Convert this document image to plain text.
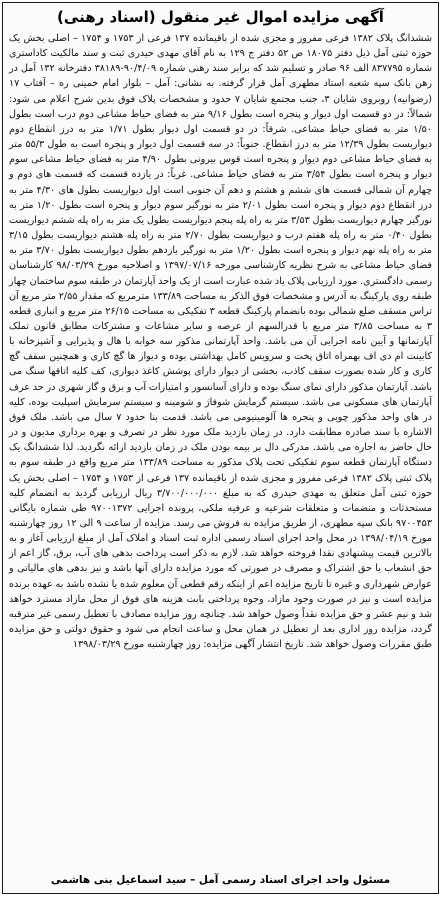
آگهی مزایده اموال غیر منقول (اسناد رهنی)

ششدانگ پلاک ۱۳۸۲ فرعی مفروز و مجزی شده از باقیمانده ۱۳۷ فرعی از ۱۷۵۳ و ۱۷۵۴ – اصلی بخش یک حوزه ثبتی آمل ذیل دفتر ۱۸۰۷۵ ص ۵۲ دفتر ج ۱۲۹ به نام آقای مهدی حیدری ثبت و سند مالکیت کاداستری شماره ۸۳۷۷۹۵ الف ۹۶ صادر و تسلیم شد که برابر سند رهنی شماره ۹۰/۴/۰۹-۳۸۱۸۹ دفترخانه ۱۳۲ آمل در رهن بانک سپه شعبه استاد مطهری آمل قرار گرفته. به نشانی: آمل – بلوار امام خمینی ره – آفتاب ۱۷ (رضوانیه) روبروی شایان ۳، جنب مجتمع شایان ۷ حدود و مشخصات پلاک فوق بدین شرح اعلام می شود: شمالاً: در دو قسمت اول دیوار و پنجره است بطول ۹/۱۶ متر به فضای حیاط مشاعی دوم درب است بطول ۱/۵۰ متر به فضای حیاط مشاعی. شرقاً: در دو قسمت اول دیوار بطول ۱/۷۱ متر به درز انقطاع دوم دیواریست بطول ۱۲/۳۹ متر به درز انقطاع. جنوباً: در سه قسمت اول دیوار و پنجره است به طول ۵۵/۳ متر به فضای حیاط مشاعی دوم دیوار و پنجره است قوس بیرونی بطول ۴/۹۰ متر به فضای حیاط مشاعی سوم دیوار و پنجره است بطول ۳/۵۴ متر به فضای حیاط مشاعی. غرباً: در یازده قسمت که قسمت های دوم و چهارم آن شمالی قسمت های ششم و هشتم و دهم آن جنوبی است اول دیواریست بطول های ۴/۳۰ متر به درز انقطاع دوم دیوار و پنجره است بطول ۲/۰۱ متر به نورگیر سوم دیوار و پنجره است بطول ۱/۲۰ متر به نورگیر چهارم دیواریست بطول ۳/۵۳ متر به راه پله پنجم دیواریست بطول یک متر به راه پله ششم دیواریست بطول ۰/۴۰ متر به راه پله هفتم درب و دیواریست بطول ۲/۷۰ متر به راه پله هشتم دیواریست بطول ۳/۱۵ متر به راه پله نهم دیوار و پنجره است بطول ۱/۲۰ متر به نورگیر یازدهم بطول دیواریست بطول ۳/۷۰ متر به فضای حیاط مشاعی به شرح نظریه کارشناسی مورخه ۱۳۹۷/۰۷/۱۶ و اصلاحیه مورخ ۹۸/۰۳/۲۹ کارشناسان رسمی دادگستری. مورد ارزیابی پلاک یاد شده عبارت است از یک واحد آپارتمان در طبقه سوم ساختمان چهار طبقه روی پارکینگ به آدرس و مشخصات فوق الذکر به مساحت ۱۳۳/۸۹ مترمربع که مقدار ۲/۵۵ متر مربع آن تراس مسقف ضلع شمالی بوده بانضمام پارکینگ قطعه ۳ تفکیکی به مساحت ۲۶/۱۵ متر مربع و انباری قطعه ۳ به مساحت ۳/۸۵ متر مربع با قدرالسهم از عرصه و سایر مشاعات و مشترکات مطابق قانون تملک آپارتمانها و آیین نامه اجرایی آن می باشد. واحد آپارتمانی مذکور سه خوابه با هال و پذیرایی و آشپزخانه با کابینت ام دی اف بهمراه اتاق پخت و سرویس کامل بهداشتی بوده و دیوار ها گچ کاری و همچنین سقف گچ کاری و کار شده بصورت سقف کاذب، بخشی از دیوار دارای پوشش کاغذ دیواری، کف کلیه اتاقها سنگ می باشد. آپارتمان مذکور دارای نمای سنگ بوده و دارای آسانسور و امتیازات آب و برق و گاز شهری در حد عرف آپارتمان های مسکونی می باشد. سیستم گرمایش شوفاژ و شومینه و سیستم سرمایش اسپلیت بوده، کلیه در های واحد مذکور چوبی و پنجره ها آلومینیومی می باشد. قدمت بنا حدود ۷ سال می باشد. ملک فوق الاشاره با سند صادره مطابقت دارد. در زمان بازدید ملک مورد نظر در تصرف و بهره برداری مدیون و در حال حاضر به اجاره می باشد. مدرکی دال بر بیمه بودن ملک در زمان بازدید ارائه نگردید. لذا ششدانگ یک دستگاه آپارتمان قطعه سوم تفکیکی تحت پلاک مذکور به مساحت ۱۳۳/۸۹ متر مربع واقع در طبقه سوم به پلاک ثبتی پلاک ۱۳۸۲ فرعی مفروز و مجزی شده از باقیمانده ۱۳۷ فرعی از ۱۷۵۳ و ۱۷۵۴ – اصلی بخش یک حوزه ثبتی آمل متعلق به مهدی حیدری که به مبلغ ۳/۷۰۰/۰۰۰/۰۰۰ ریال ارزیابی گردید به انضمام کلیه مستحدثات و منضمات و متعلقات شرعیه و عرفیه ملکی، پرونده اجرایی ۹۷۰۰۱۳۷۲ طی شماره بایگانی ۹۷۰۰۴۵۳ بانک سپه مطهری، از طریق مزایده به فروش می رسد. مزایده از ساعت ۹ الی ۱۲ روز چهارشنبه مورخ ۱۳۹۸/۰۴/۱۹ در محل واحد اجرای اسناد رسمی اداره ثبت اسناد و املاک آمل از مبلغ ارزیابی آغاز و به بالاترین قیمت پیشنهادی نقدا فروخته خواهد شد. لازم به ذکر است پرداخت بدهی های آب، برق، گاز اعم از حق انشعاب یا حق اشتراک و مصرف در صورتی که مورد مزایده دارای آنها باشد و نیز بدهی های مالیاتی و عوارض شهرداری و غیره تا تاریخ مزایده اعم از اینکه رقم قطعی آن معلوم شده یا نشده باشد به عهده برنده مزایده است و نیز در صورت وجود مازاد، وجوه پرداختی بابت هزینه های فوق از محل مازاد مسترد خواهد شد و نیم عشر و حق مزایده نقداً وصول خواهد شد. چنانچه روز مزایده مصادف با تعطیل رسمی غیر مترقبه گردد، مزایده روز اداری بعد از تعطیل در همان محل و ساعت انجام می شود و حقوق دولتی و حق مزایده طبق مقررات وصول خواهد شد. تاریخ انتشار آگهی مزایده: روز چهارشنبه مورخ ۱۳۹۸/۰۳/۲۹

مسئول واحد اجرای اسناد رسمی آمل – سید اسماعیل بنی هاشمی
